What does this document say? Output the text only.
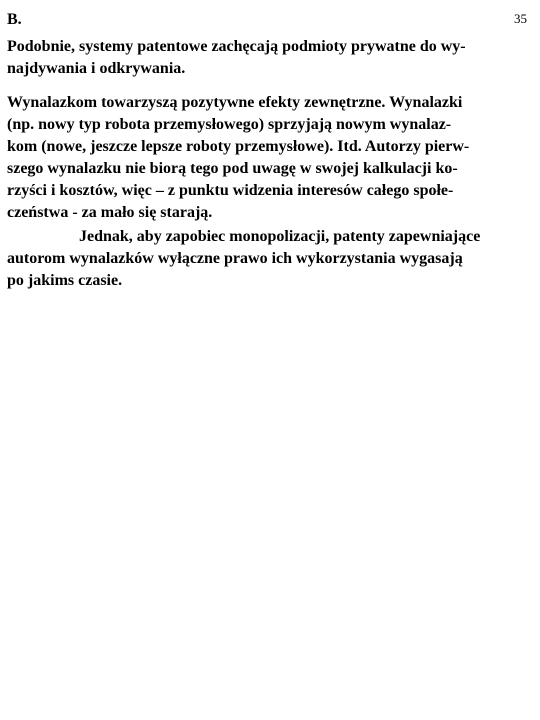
35
B.

Podobnie, systemy patentowe zachęcają podmioty prywatne do wy-
najdywania i odkrywania.

Wynalazkom towarzyszą pozytywne efekty zewnętrzne. Wynalazki
(np. nowy typ robota przemysłowego) sprzyjają nowym wynalaz-
kom (nowe, jeszcze lepsze roboty przemysłowe). Itd. Autorzy pierw-
szego wynalazku nie biorą tego pod uwagę w swojej kalkulacji ko-
rzyści i kosztów, więc – z punktu widzenia interesów całego społe-
czeństwa - za mało się starają.

Jednak, aby zapobiec monopolizacji, patenty zapewniające
autorom wynalazków wyłączne prawo ich wykorzystania wygasają
po jakims czasie.
